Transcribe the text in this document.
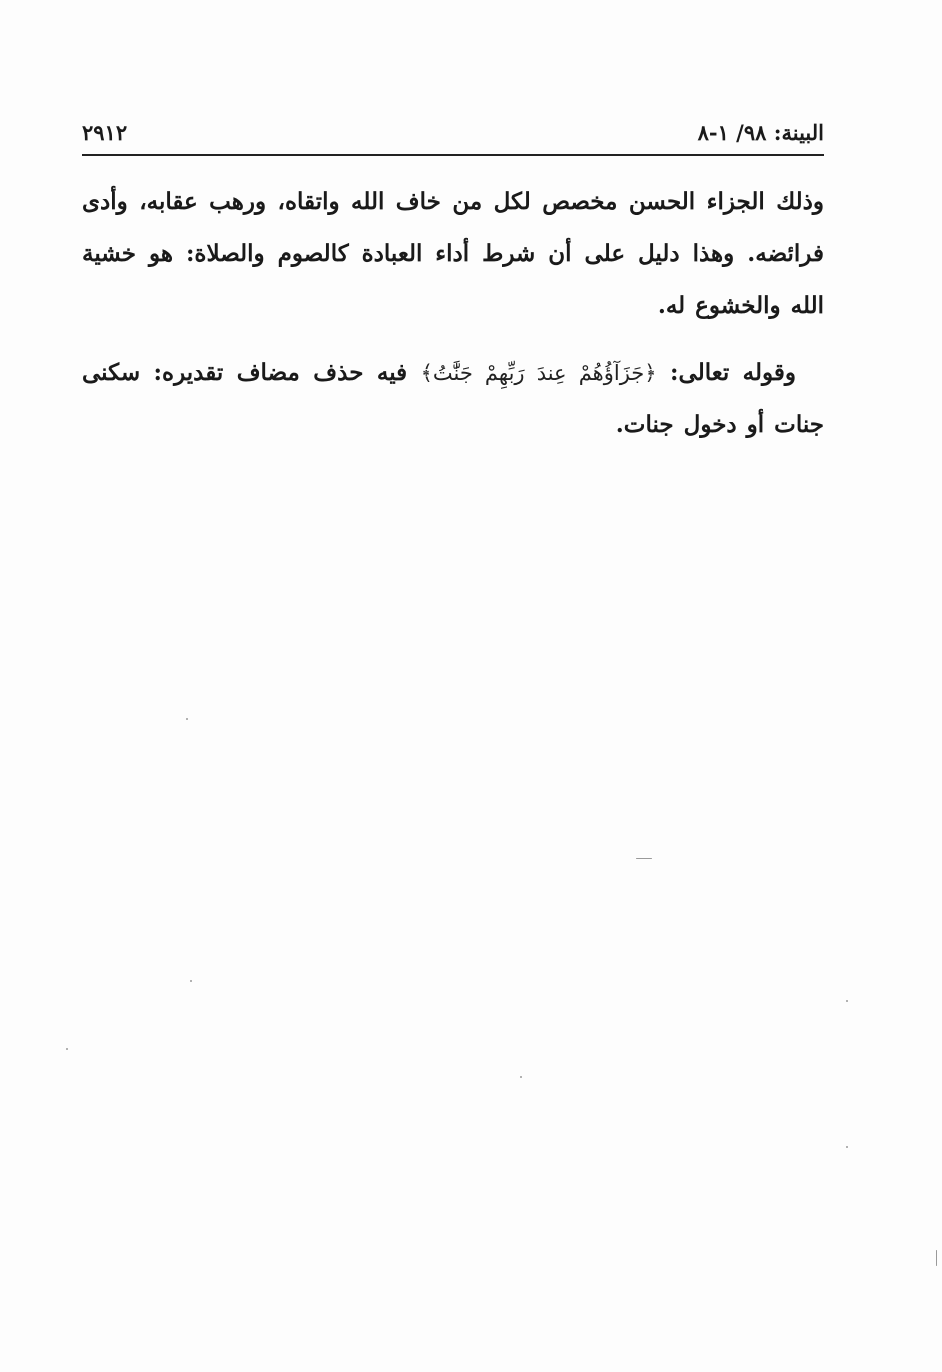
البينة: ٩٨/ ١-٨
٢٩١٢

وذلك الجزاء الحسن مخصص لكل من خاف الله واتقاه، ورهب عقابه، وأدى فرائضه. وهذا دليل على أن شرط أداء العبادة كالصوم والصلاة: هو خشية الله والخشوع له.

وقوله تعالى: ﴿جَزَآؤُهُمْ عِندَ رَبِّهِمْ جَنَّٰتُ﴾ فيه حذف مضاف تقديره: سكنى جنات أو دخول جنات.
